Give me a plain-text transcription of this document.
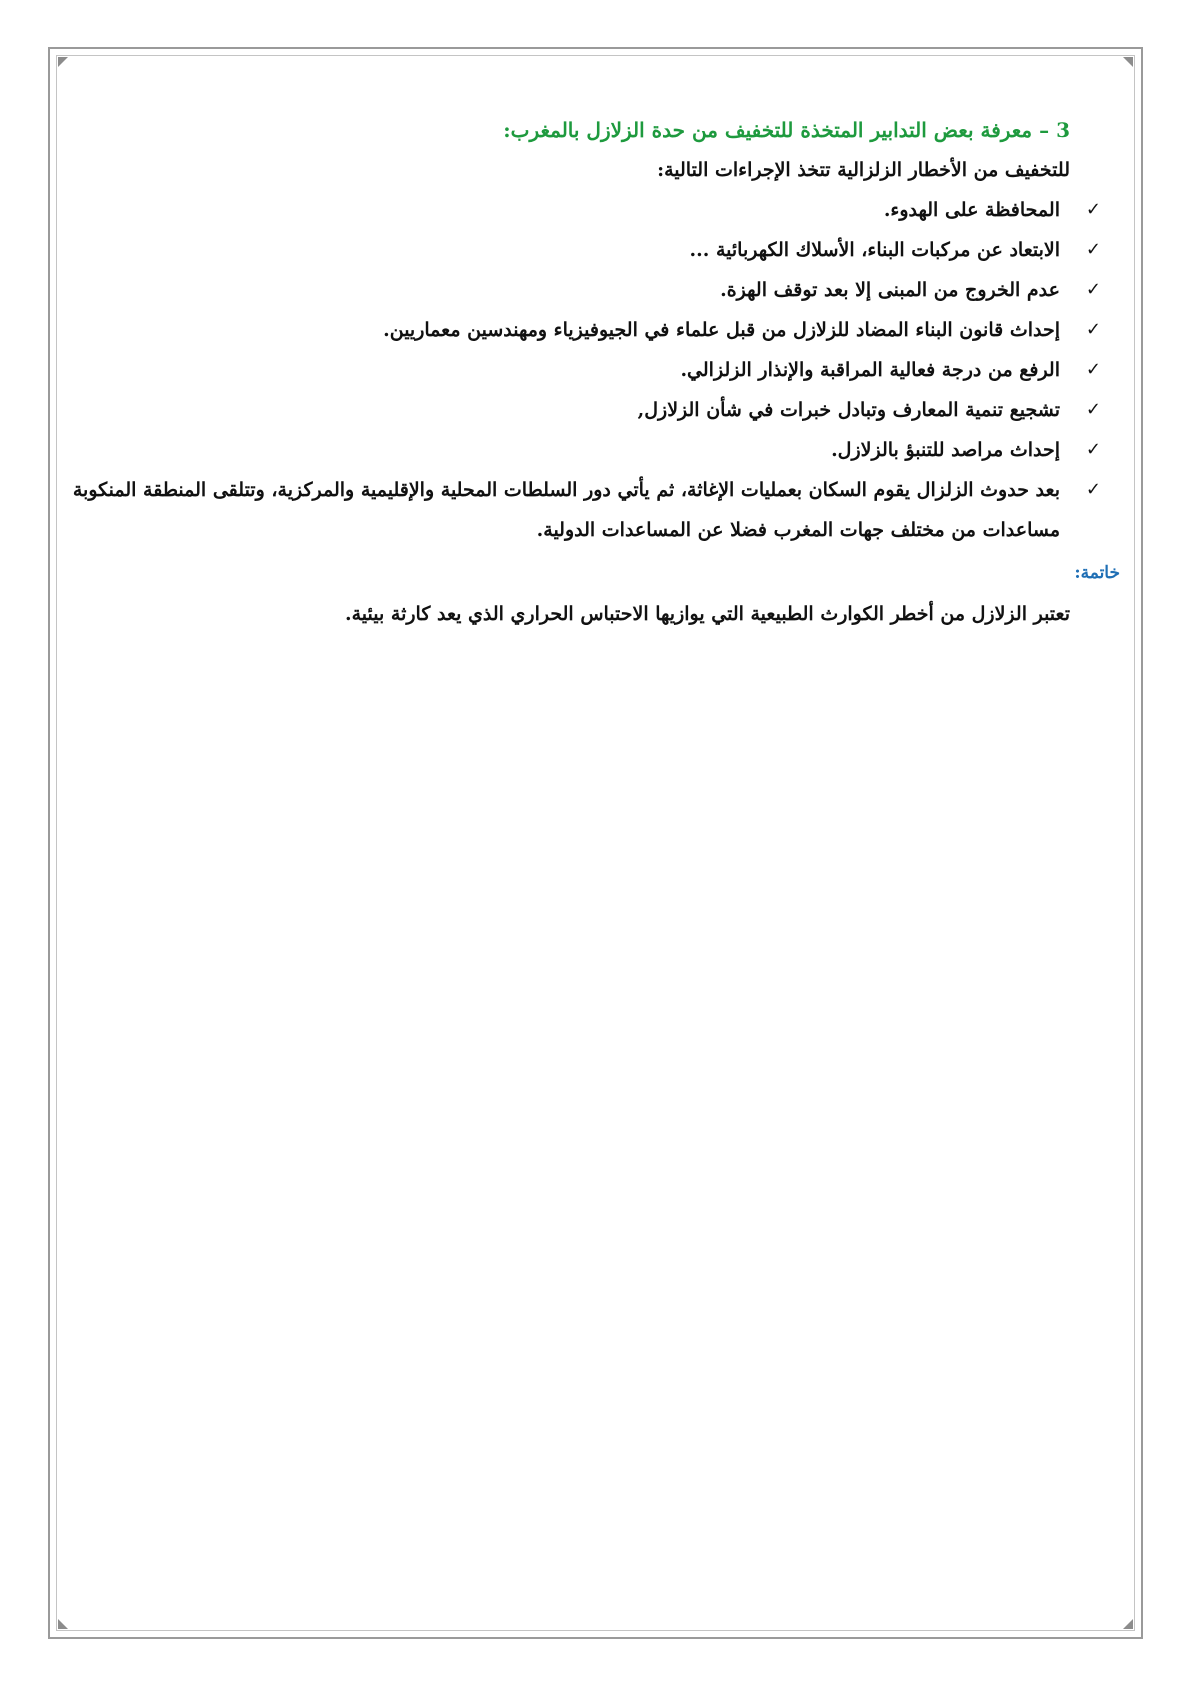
3 – معرفة بعض التدابير المتخذة للتخفيف من حدة الزلازل بالمغرب:
للتخفيف من الأخطار الزلزالية تتخذ الإجراءات التالية:
✓
المحافظة على الهدوء.
✓
الابتعاد عن مركبات البناء، الأسلاك الكهربائية ...
✓
عدم الخروج من المبنى إلا بعد توقف الهزة.
✓
إحداث قانون البناء المضاد للزلازل من قبل علماء في الجيوفيزياء ومهندسين معماريين.
✓
الرفع من درجة فعالية المراقبة والإنذار الزلزالي.
✓
تشجيع تنمية المعارف وتبادل خبرات في شأن الزلازل,
✓
إحداث مراصد للتنبؤ بالزلازل.
✓
بعد حدوث الزلزال يقوم السكان بعمليات الإغاثة، ثم يأتي دور السلطات المحلية والإقليمية والمركزية، وتتلقى المنطقة المنكوبة مساعدات من مختلف جهات المغرب فضلا عن المساعدات الدولية.
خاتمة:
تعتبر الزلازل من أخطر الكوارث الطبيعية التي يوازيها الاحتباس الحراري الذي يعد كارثة بيئية.
